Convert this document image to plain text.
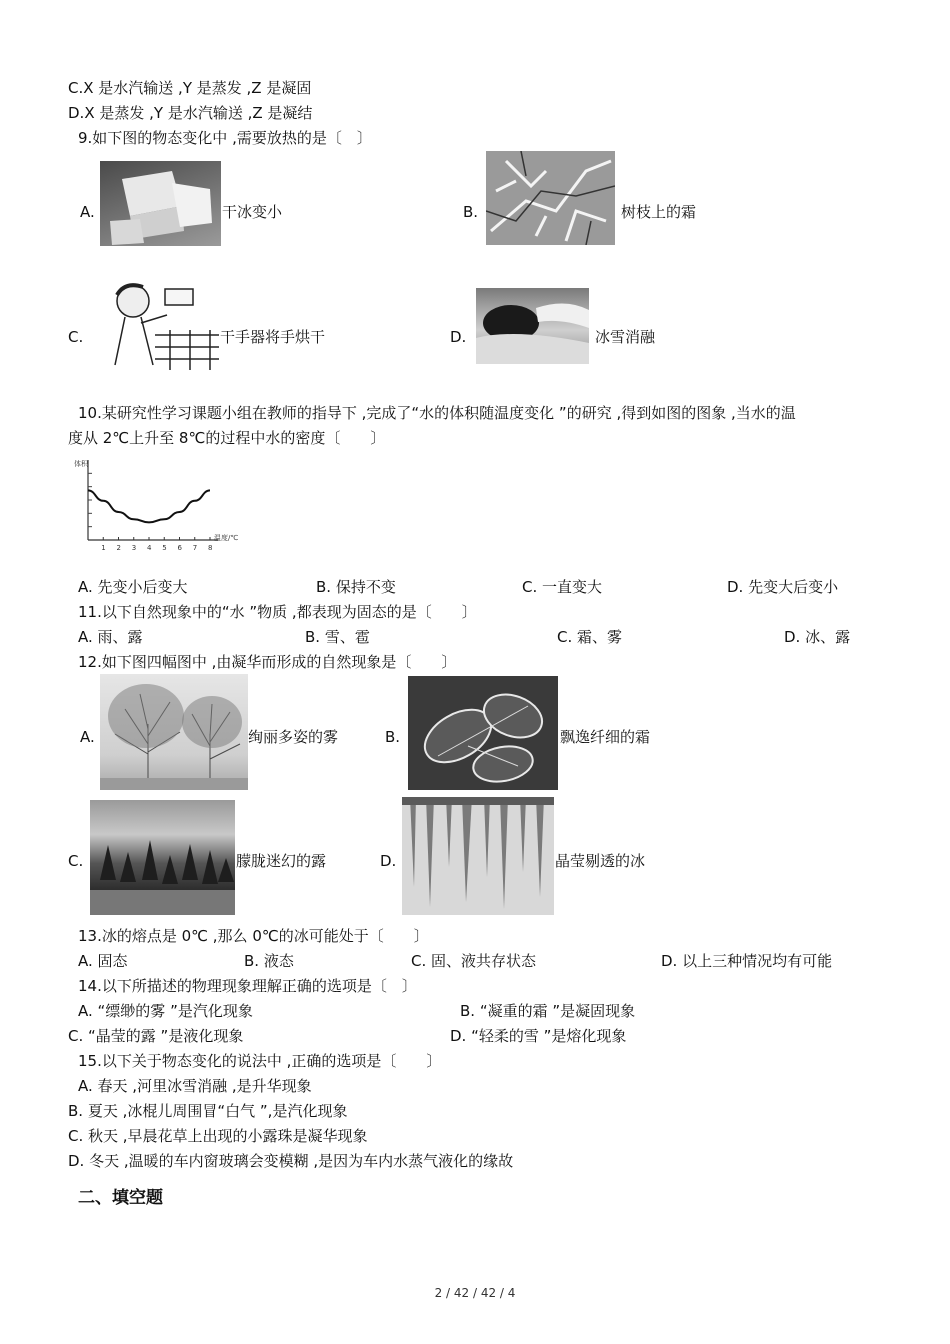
C.X 是水汽输送 ,Y 是蒸发 ,Z 是凝固
D.X 是蒸发 ,Y 是水汽输送 ,Z 是凝结
9.如下图的物态变化中 ,需要放热的是〔　〕
A.	干冰变小	B.	树枝上的霜
C.	干手器将手烘干	D.	冰雪消融
10.某研究性学习课题小组在教师的指导下 ,完成了“水的体积随温度变化 ”的研究 ,得到如图的图象 ,当水的温
度从 2℃上升至 8℃的过程中水的密度〔　　〕
体积
温度/℃
1 2 3 4 5 6 7 8
A. 先变小后变大	B. 保持不变	C. 一直变大	D. 先变大后变小
11.以下自然现象中的“水 ”物质 ,都表现为固态的是〔　　〕
A. 雨、露	B. 雪、雹	C. 霜、雾	D. 冰、露
12.如下图四幅图中 ,由凝华而形成的自然现象是〔　　〕
A.	绚丽多姿的雾	B.	飘逸纤细的霜
C.	朦胧迷幻的露	D.	晶莹剔透的冰
13.冰的熔点是 0℃ ,那么 0℃的冰可能处于〔　　〕
A. 固态	B. 液态	C. 固、液共存状态	D. 以上三种情况均有可能
14.以下所描述的物理现象理解正确的选项是〔　〕
A. “缥缈的雾 ”是汽化现象	B. “凝重的霜 ”是凝固现象
C. “晶莹的露 ”是液化现象	D. “轻柔的雪 ”是熔化现象
15.以下关于物态变化的说法中 ,正确的选项是〔　　〕
A. 春天 ,河里冰雪消融 ,是升华现象
B. 夏天 ,冰棍儿周围冒“白气 ”,是汽化现象
C. 秋天 ,早晨花草上出现的小露珠是凝华现象
D. 冬天 ,温暖的车内窗玻璃会变模糊 ,是因为车内水蒸气液化的缘故
二、填空题
2 / 42 / 42 / 4
